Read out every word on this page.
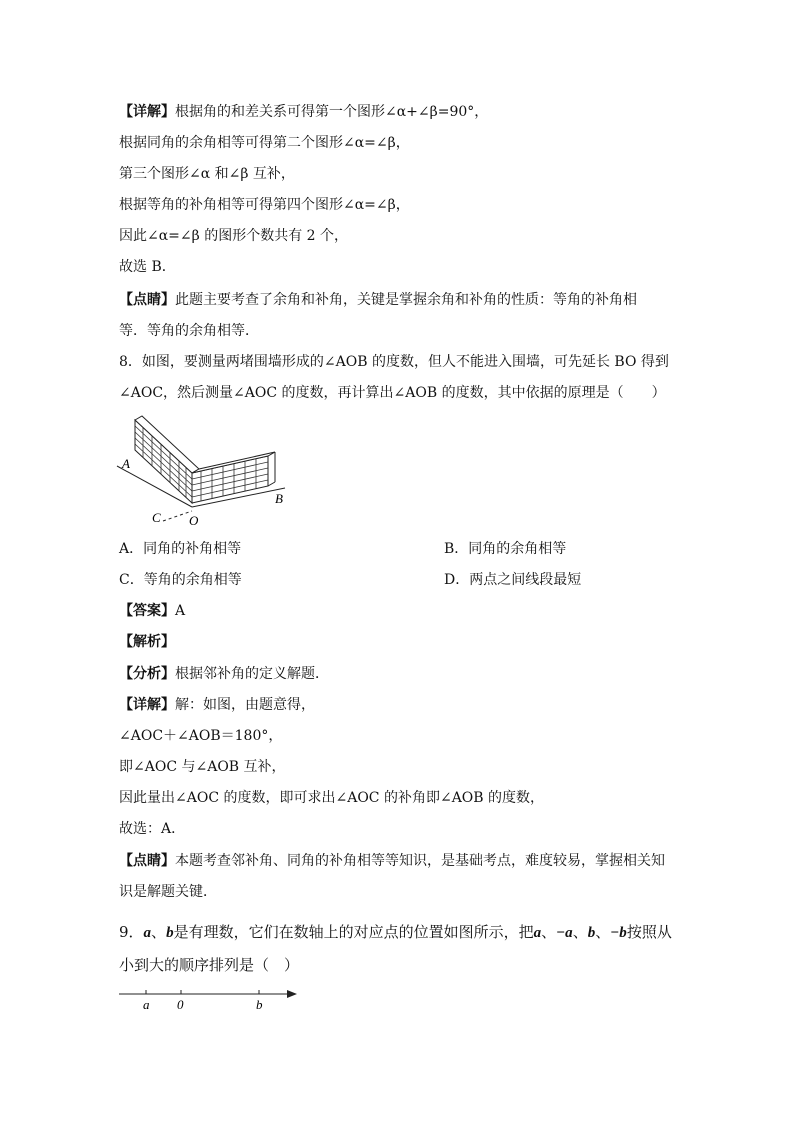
【详解】根据角的和差关系可得第一个图形∠α+∠β=90°，
根据同角的余角相等可得第二个图形∠α=∠β，
第三个图形∠α 和∠β 互补，
根据等角的补角相等可得第四个图形∠α=∠β，
因此∠α=∠β 的图形个数共有 2 个，
故选 B．
【点睛】此题主要考查了余角和补角，关键是掌握余角和补角的性质：等角的补角相
等．等角的余角相等．
8．如图，要测量两堵围墙形成的∠AOB 的度数，但人不能进入围墙，可先延长 BO 得到
∠AOC，然后测量∠AOC 的度数，再计算出∠AOB 的度数，其中依据的原理是（　　）
A
B
C O
A．同角的补角相等	B．同角的余角相等
C．等角的余角相等	D．两点之间线段最短
【答案】A
【解析】
【分析】根据邻补角的定义解题．
【详解】解：如图，由题意得，
∠AOC＋∠AOB＝180°，
即∠AOC 与∠AOB 互补，
因此量出∠AOC 的度数，即可求出∠AOC 的补角即∠AOB 的度数，
故选：A．
【点睛】本题考查邻补角、同角的补角相等等知识，是基础考点，难度较易，掌握相关知
识是解题关键．
9．a、b是有理数，它们在数轴上的对应点的位置如图所示，把a、−a、b、−b按照从
小到大的顺序排列是（　）
a 0	b
